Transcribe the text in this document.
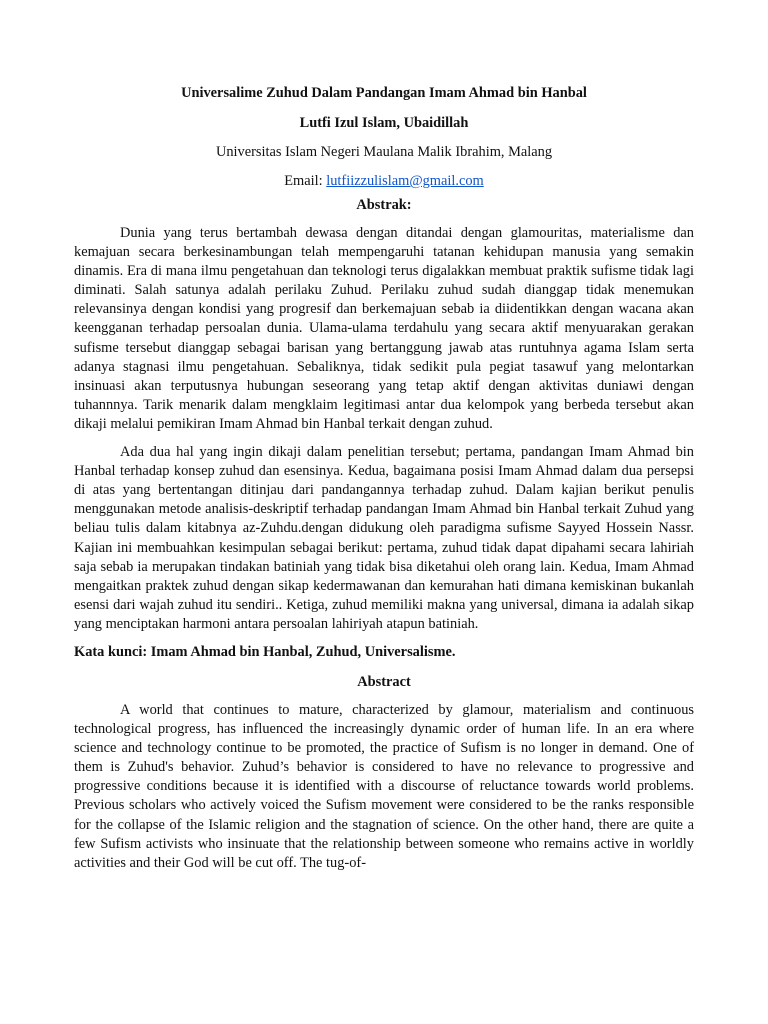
Universalime Zuhud Dalam Pandangan Imam Ahmad bin Hanbal

Lutfi Izul Islam, Ubaidillah

Universitas Islam Negeri Maulana Malik Ibrahim, Malang

Email: lutfiizzulislam@gmail.com

Abstrak:

Dunia yang terus bertambah dewasa dengan ditandai dengan glamouritas, materialisme dan kemajuan secara berkesinambungan telah mempengaruhi tatanan kehidupan manusia yang semakin dinamis. Era di mana ilmu pengetahuan dan teknologi terus digalakkan membuat praktik sufisme tidak lagi diminati. Salah satunya adalah perilaku Zuhud. Perilaku zuhud sudah dianggap tidak menemukan relevansinya dengan kondisi yang progresif dan berkemajuan sebab ia diidentikkan dengan wacana akan keengganan terhadap persoalan dunia. Ulama-ulama terdahulu yang secara aktif menyuarakan gerakan sufisme tersebut dianggap sebagai barisan yang bertanggung jawab atas runtuhnya agama Islam serta adanya stagnasi ilmu pengetahuan. Sebaliknya, tidak sedikit pula pegiat tasawuf yang melontarkan insinuasi akan terputusnya hubungan seseorang yang tetap aktif dengan aktivitas duniawi dengan tuhannnya. Tarik menarik dalam mengklaim legitimasi antar dua kelompok yang berbeda tersebut akan dikaji melalui pemikiran Imam Ahmad bin Hanbal terkait dengan zuhud.

Ada dua hal yang ingin dikaji dalam penelitian tersebut; pertama, pandangan Imam Ahmad bin Hanbal terhadap konsep zuhud dan esensinya. Kedua, bagaimana posisi Imam Ahmad dalam dua persepsi di atas yang bertentangan ditinjau dari pandangannya terhadap zuhud. Dalam kajian berikut penulis menggunakan metode analisis-deskriptif terhadap pandangan Imam Ahmad bin Hanbal terkait Zuhud yang beliau tulis dalam kitabnya az-Zuhdu.dengan didukung oleh paradigma sufisme Sayyed Hossein Nassr. Kajian ini membuahkan kesimpulan sebagai berikut: pertama, zuhud tidak dapat dipahami secara lahiriah saja sebab ia merupakan tindakan batiniah yang tidak bisa diketahui oleh orang lain. Kedua, Imam Ahmad mengaitkan praktek zuhud dengan sikap kedermawanan dan kemurahan hati dimana kemiskinan bukanlah esensi dari wajah zuhud itu sendiri.. Ketiga, zuhud memiliki makna yang universal, dimana ia adalah sikap yang menciptakan harmoni antara persoalan lahiriyah atapun batiniah.

Kata kunci: Imam Ahmad bin Hanbal, Zuhud, Universalisme.

Abstract

A world that continues to mature, characterized by glamour, materialism and continuous technological progress, has influenced the increasingly dynamic order of human life. In an era where science and technology continue to be promoted, the practice of Sufism is no longer in demand. One of them is Zuhud's behavior. Zuhud’s behavior is considered to have no relevance to progressive and progressive conditions because it is identified with a discourse of reluctance towards world problems. Previous scholars who actively voiced the Sufism movement were considered to be the ranks responsible for the collapse of the Islamic religion and the stagnation of science. On the other hand, there are quite a few Sufism activists who insinuate that the relationship between someone who remains active in worldly activities and their God will be cut off. The tug-of-
